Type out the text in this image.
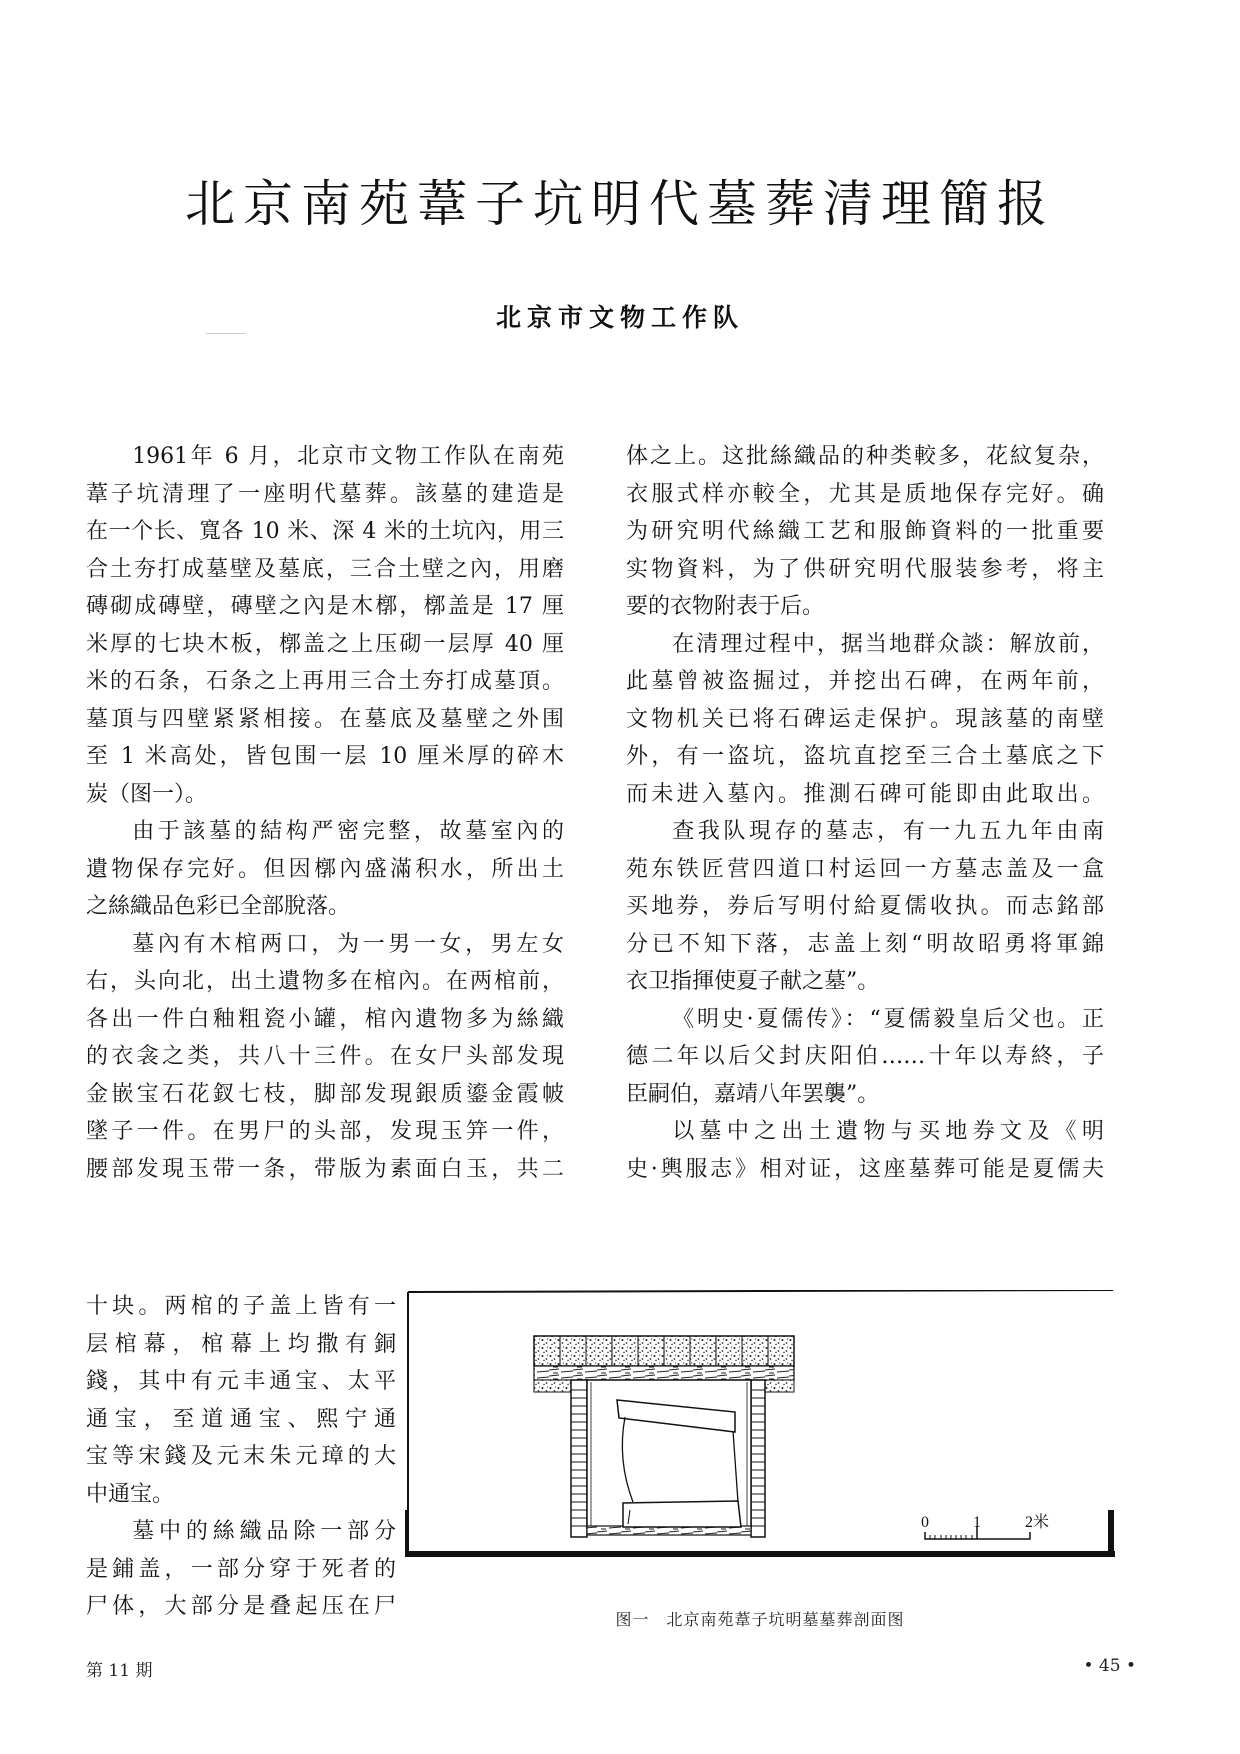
北京南苑葦子坑明代墓葬清理簡报
北京市文物工作队

1961年 6 月，北京市文物工作队在南苑

葦子坑清理了一座明代墓葬。該墓的建造是

在一个长、寬各 10 米、深 4 米的土坑內，用三

合土夯打成墓壁及墓底，三合土壁之內，用磨

磚砌成磚壁，磚壁之內是木槨，槨盖是 17 厘

米厚的七块木板，槨盖之上压砌一层厚 40 厘

米的石条，石条之上再用三合土夯打成墓頂。

墓頂与四壁紧紧相接。在墓底及墓壁之外围

至 1 米高处，皆包围一层 10 厘米厚的碎木

炭（图一）。

由于該墓的結构严密完整，故墓室內的

遺物保存完好。但因槨內盛滿积水，所出土

之絲織品色彩已全部脫落。

墓內有木棺两口，为一男一女，男左女

右，头向北，出土遺物多在棺內。在两棺前，

各出一件白釉粗瓷小罐，棺內遺物多为絲織

的衣衾之类，共八十三件。在女尸头部发現

金嵌宝石花釵七枝，脚部发現銀质鎏金霞帔

墜子一件。在男尸的头部，发現玉笄一件，

腰部发現玉带一条，带版为素面白玉，共二

十块。两棺的子盖上皆有一

层棺幕，棺幕上均撒有銅

錢，其中有元丰通宝、太平

通宝，至道通宝、熙宁通

宝等宋錢及元末朱元璋的大

中通宝。

墓中的絲織品除一部分

是鋪盖，一部分穿于死者的

尸体，大部分是叠起压在尸

体之上。这批絲織品的种类較多，花紋复杂，

衣服式样亦較全，尤其是质地保存完好。确

为研究明代絲織工艺和服飾資料的一批重要

实物資料，为了供研究明代服装参考，将主

要的衣物附表于后。

在清理过程中，据当地群众談：解放前，

此墓曾被盗掘过，并挖出石碑，在两年前，

文物机关已将石碑运走保护。現該墓的南壁

外，有一盗坑，盗坑直挖至三合土墓底之下

而未进入墓內。推測石碑可能即由此取出。

查我队現存的墓志，有一九五九年由南

苑东铁匠营四道口村运回一方墓志盖及一盒

买地券，券后写明付給夏儒收执。而志銘部

分已不知下落，志盖上刻“明故昭勇将軍錦

衣卫指揮使夏子献之墓”。

《明史·夏儒传》：“夏儒毅皇后父也。正

德二年以后父封庆阳伯……十年以寿終，子

臣嗣伯，嘉靖八年罢襲”。

以墓中之出土遺物与买地券文及《明

史·輿服志》相对证，这座墓葬可能是夏儒夫

0	1	2米
图一　北京南苑葦子坑明墓墓葬剖面图
第 11 期	• 45 •
